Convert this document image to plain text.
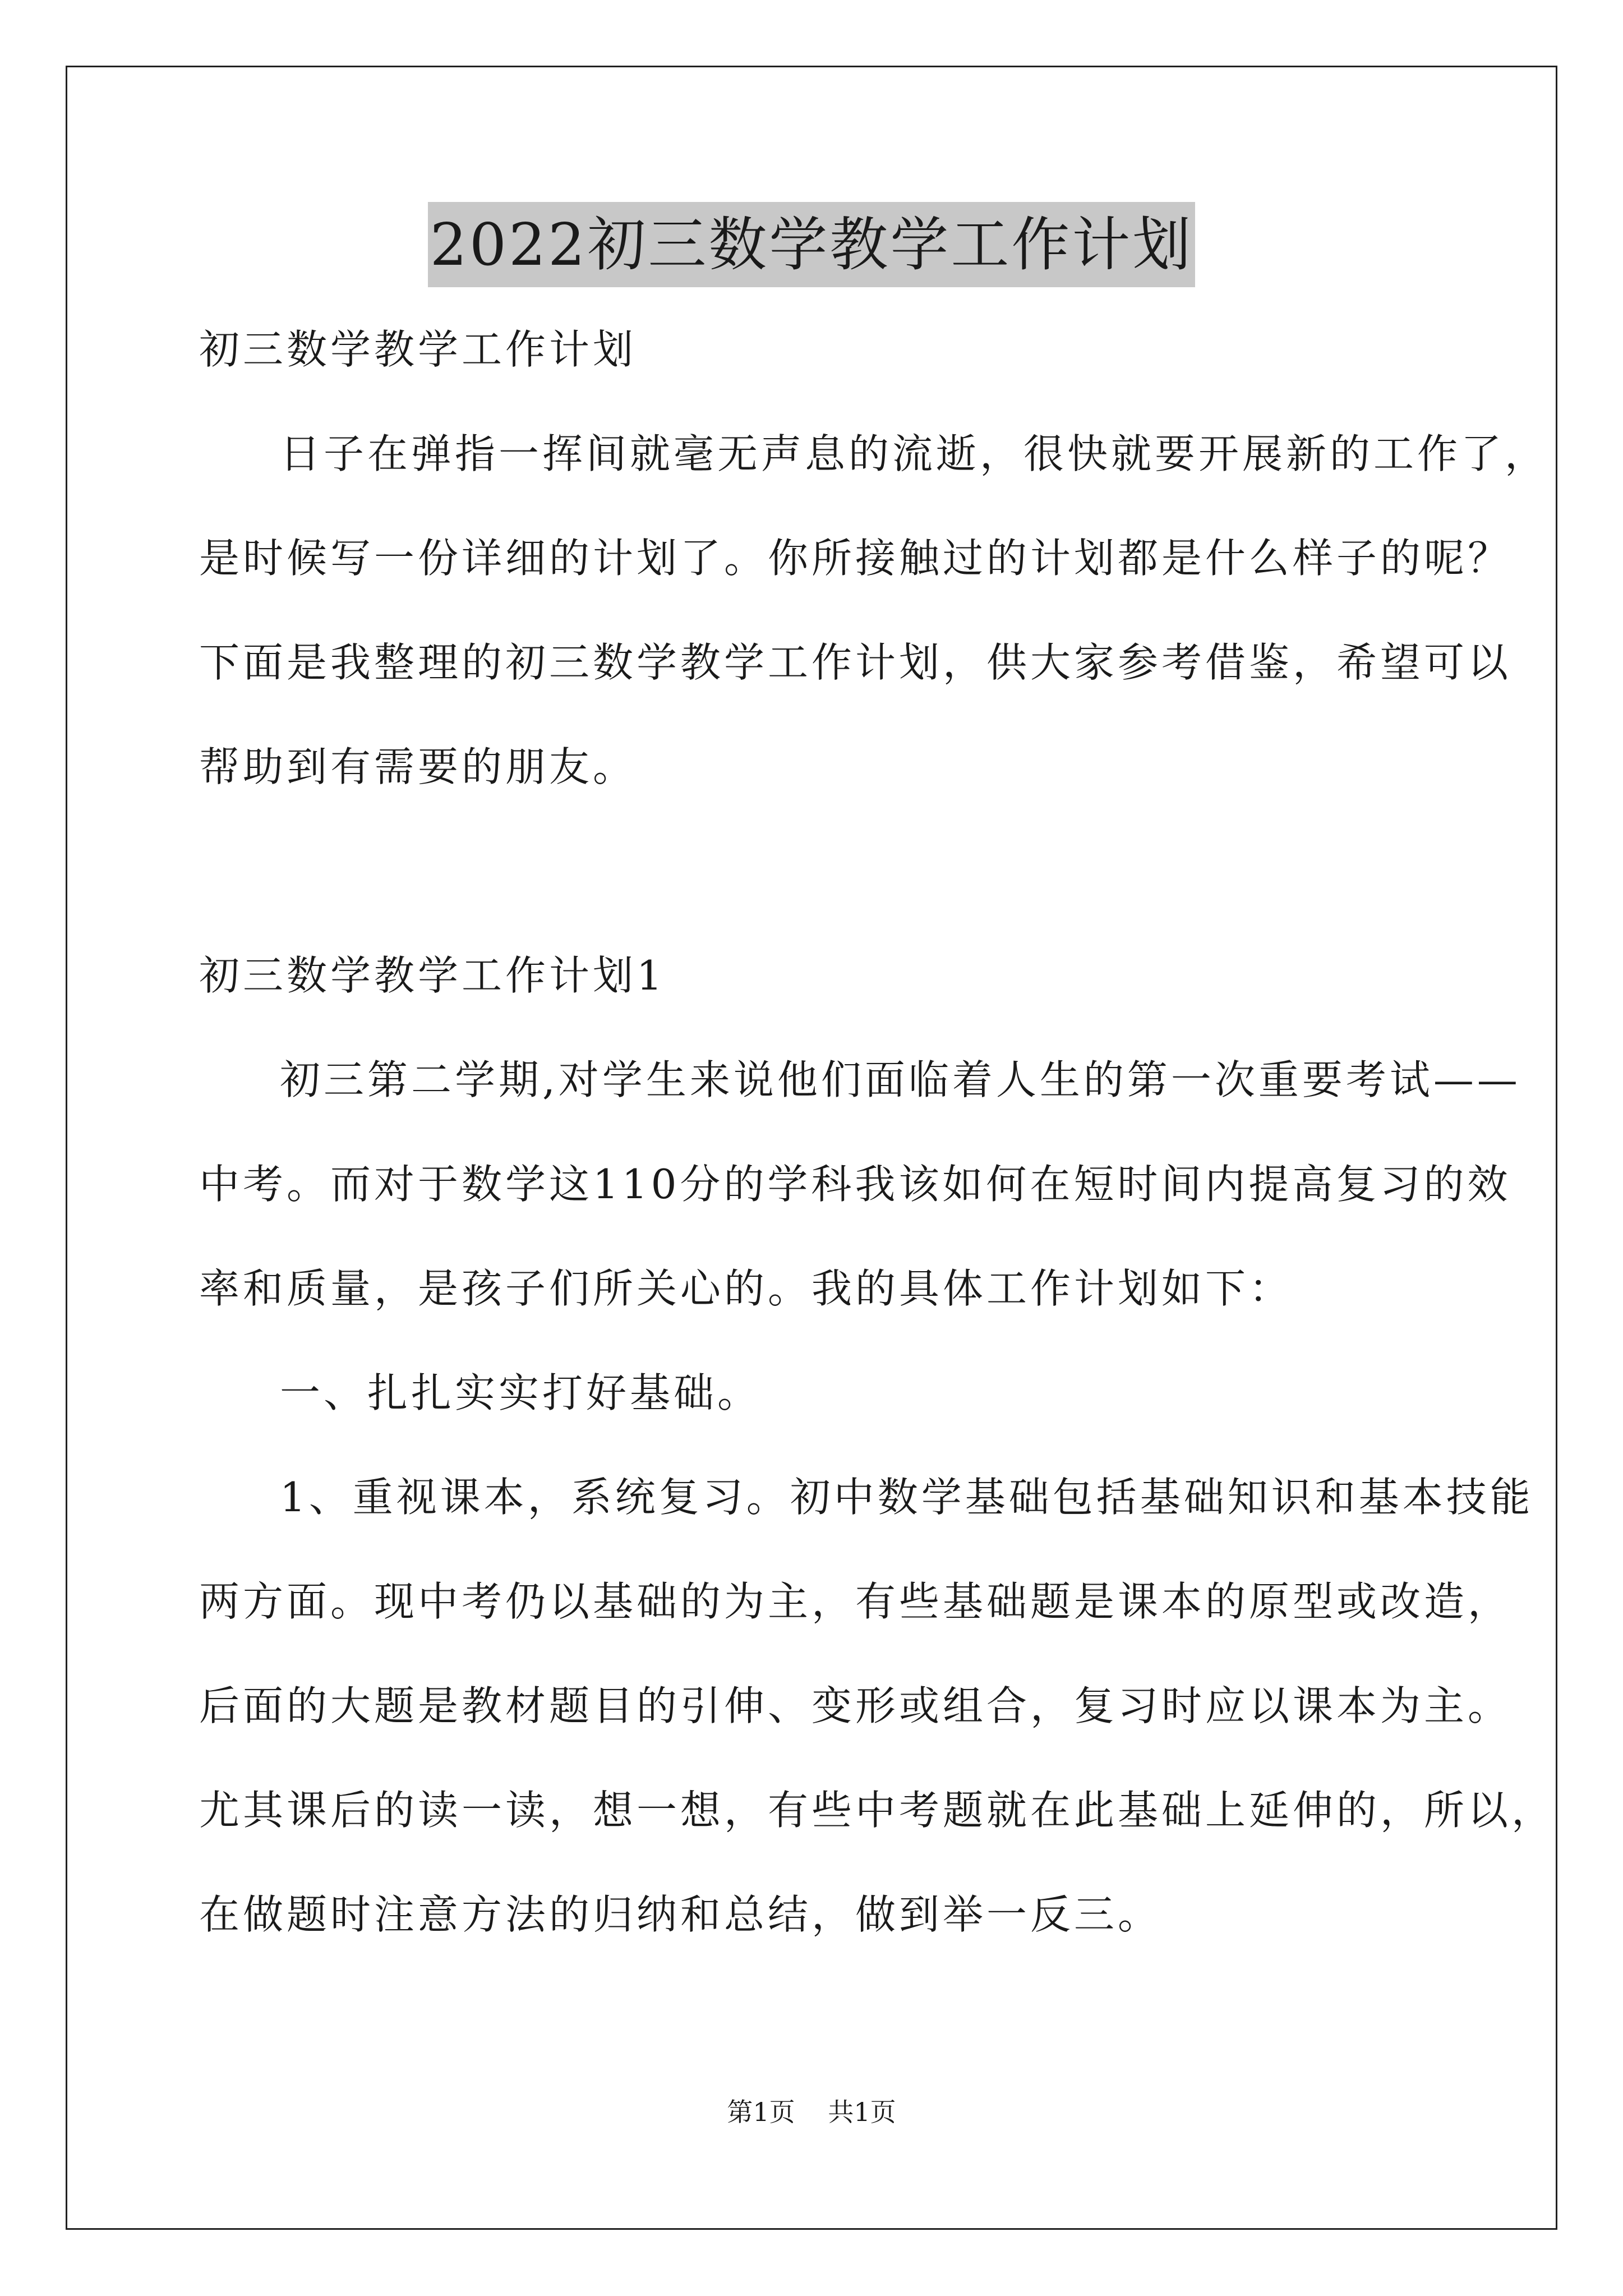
2022初三数学教学工作计划
初三数学教学工作计划
日子在弹指一挥间就毫无声息的流逝，很快就要开展新的工作了，
是时候写一份详细的计划了。你所接触过的计划都是什么样子的呢？
下面是我整理的初三数学教学工作计划，供大家参考借鉴，希望可以
帮助到有需要的朋友。
初三数学教学工作计划1
初三第二学期,对学生来说他们面临着人生的第一次重要考试——
中考。而对于数学这110分的学科我该如何在短时间内提高复习的效
率和质量，是孩子们所关心的。我的具体工作计划如下：
一、扎扎实实打好基础。
1、重视课本，系统复习。初中数学基础包括基础知识和基本技能
两方面。现中考仍以基础的为主，有些基础题是课本的原型或改造，
后面的大题是教材题目的引伸、变形或组合，复习时应以课本为主。
尤其课后的读一读，想一想，有些中考题就在此基础上延伸的，所以，
在做题时注意方法的归纳和总结，做到举一反三。
第1页 共1页
